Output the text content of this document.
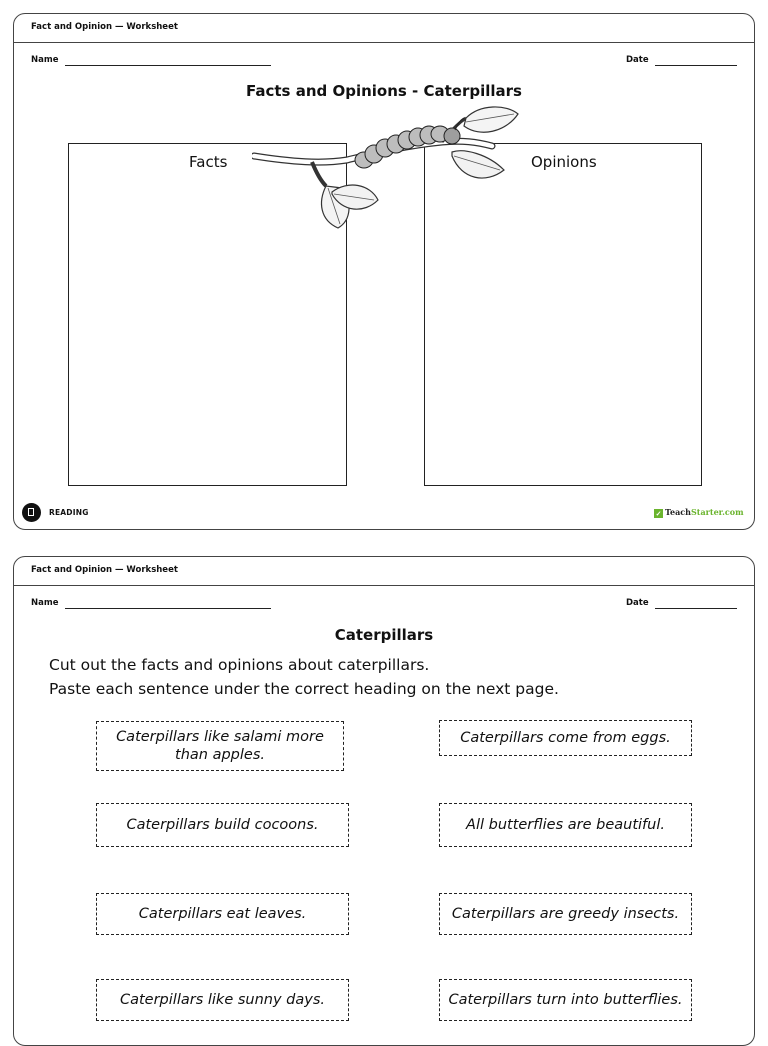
Fact and Opinion — Worksheet
Name	Date
Facts and Opinions - Caterpillars
Facts	Opinions
READING	✓ TeachStarter.com
Fact and Opinion — Worksheet
Name	Date
Caterpillars
Cut out the facts and opinions about caterpillars.
Paste each sentence under the correct heading on the next page.
Caterpillars like salami more than apples.
Caterpillars come from eggs.
Caterpillars build cocoons.	All butterflies are beautiful.
Caterpillars eat leaves.	Caterpillars are greedy insects.
Caterpillars like sunny days.	Caterpillars turn into butterflies.
